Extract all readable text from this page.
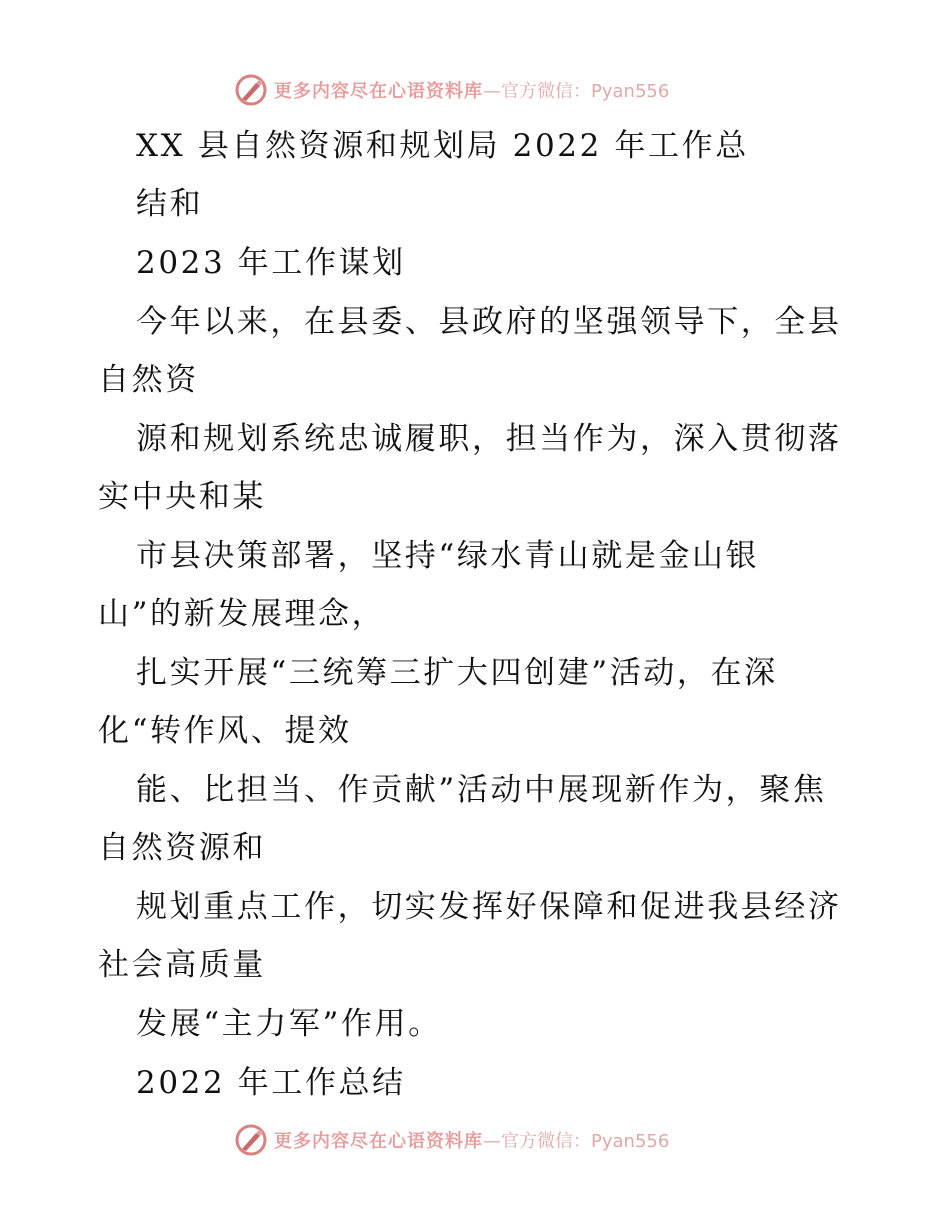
更多内容尽在心语资料库 —官方微信：Pyan556

XX 县自然资源和规划局 2022 年工作总

结和

2023 年工作谋划

今年以来，在县委、县政府的坚强领导下，全县

自然资

源和规划系统忠诚履职，担当作为，深入贯彻落

实中央和某

市县决策部署，坚持“绿水青山就是金山银

山”的新发展理念，

扎实开展“三统筹三扩大四创建”活动，在深

化“转作风、提效

能、比担当、作贡献”活动中展现新作为，聚焦

自然资源和

规划重点工作，切实发挥好保障和促进我县经济

社会高质量

发展“主力军”作用。

2022 年工作总结

更多内容尽在心语资料库 —官方微信：Pyan556
